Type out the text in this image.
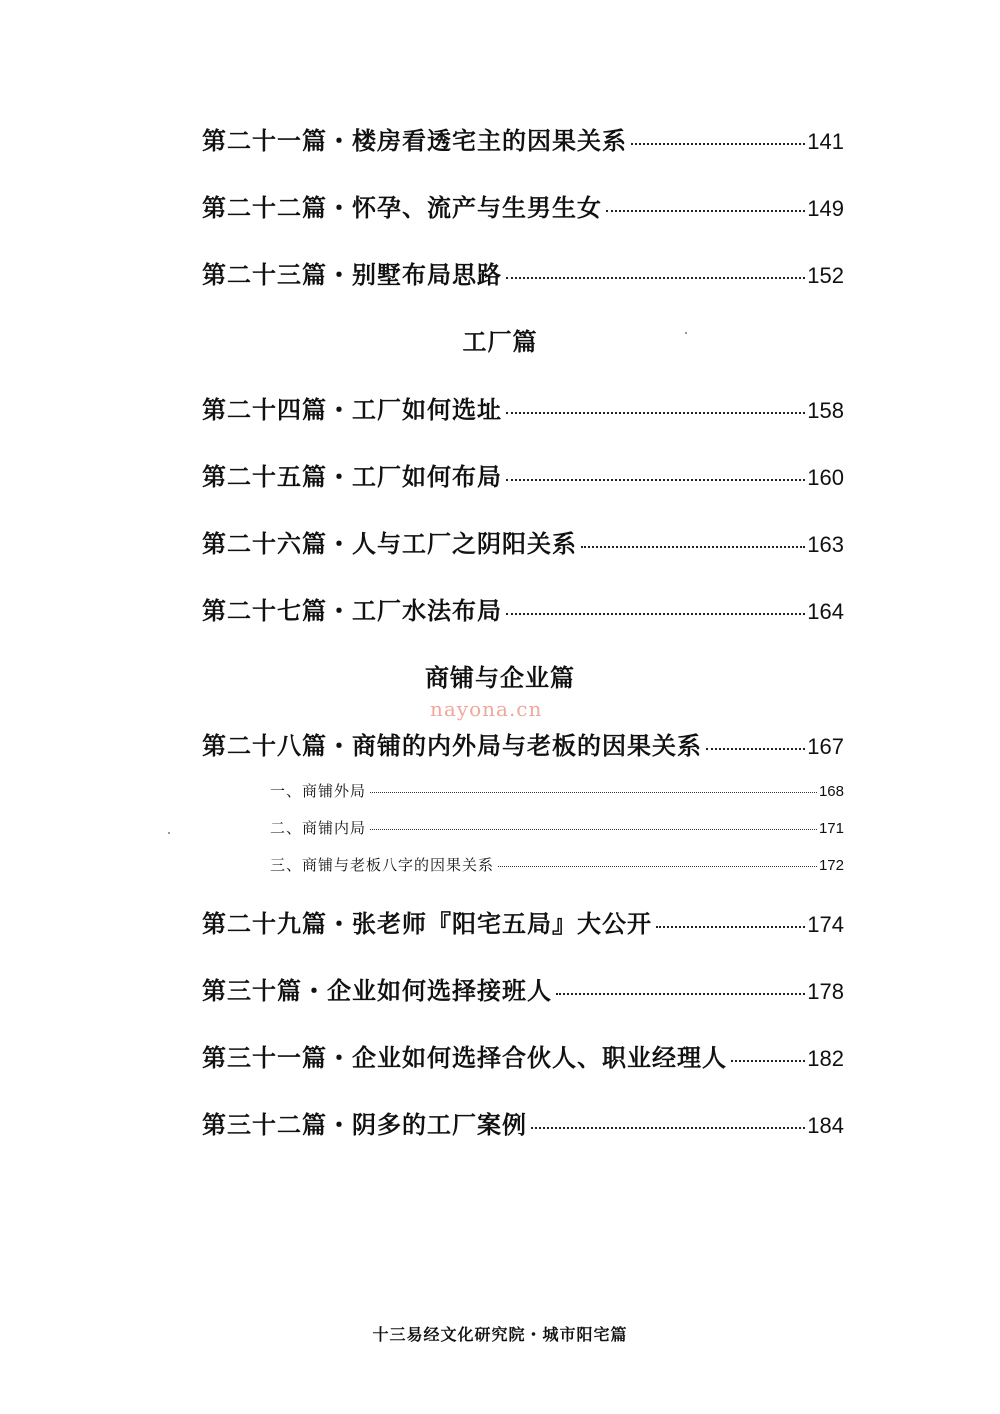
第二十一篇・楼房看透宅主的因果关系	141
第二十二篇・怀孕、流产与生男生女	149
第二十三篇・别墅布局思路	152
工厂篇
第二十四篇・工厂如何选址	158
第二十五篇・工厂如何布局	160
第二十六篇・人与工厂之阴阳关系	163
第二十七篇・工厂水法布局	164
商铺与企业篇
nayona.cn
第二十八篇・商铺的内外局与老板的因果关系	167
一、商铺外局	168
二、商铺内局	171
三、商铺与老板八字的因果关系	172
第二十九篇・张老师『阳宅五局』大公开	174
第三十篇・企业如何选择接班人	178
第三十一篇・企业如何选择合伙人、职业经理人	182
第三十二篇・阴多的工厂案例	184
十三易经文化研究院・城市阳宅篇
